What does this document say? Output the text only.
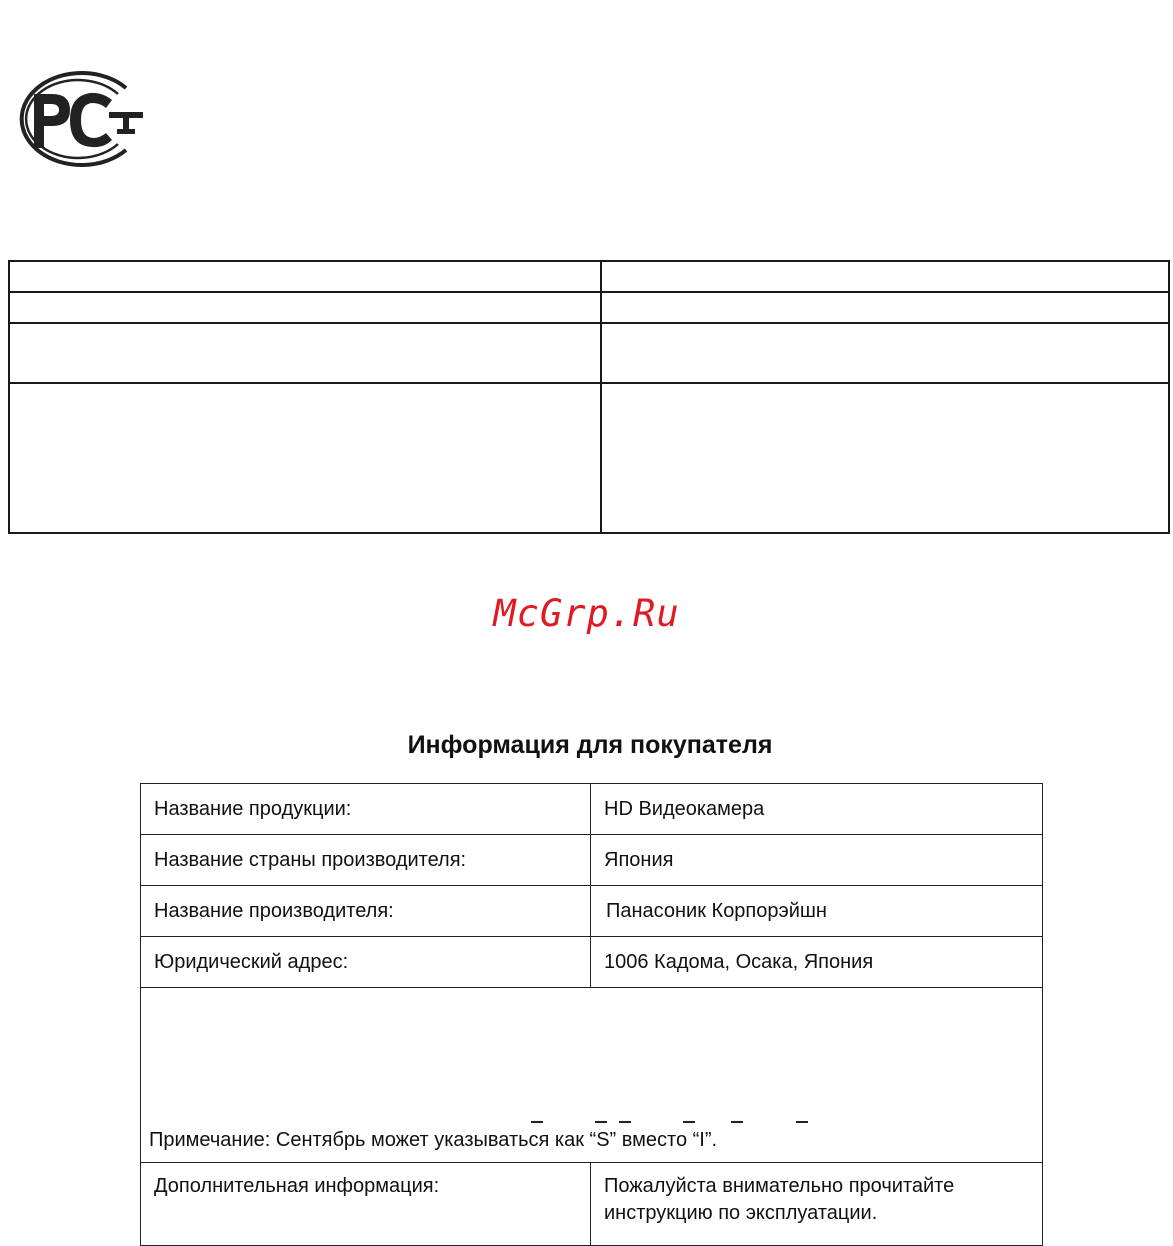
McGrp.Ru
Информация для покупателя
Название продукции:	HD Видеокамера
Название страны производителя:	Япония
Название производителя:	Панасоник Корпорэйшн
Юридический адрес:	1006 Кадома, Осака, Япония

Примечание: Сентябрь может указываться как “S” вместо “I”.	

Дополнительная информация:	Пожалуйста внимательно прочитайте инструкцию по эксплуатации.
